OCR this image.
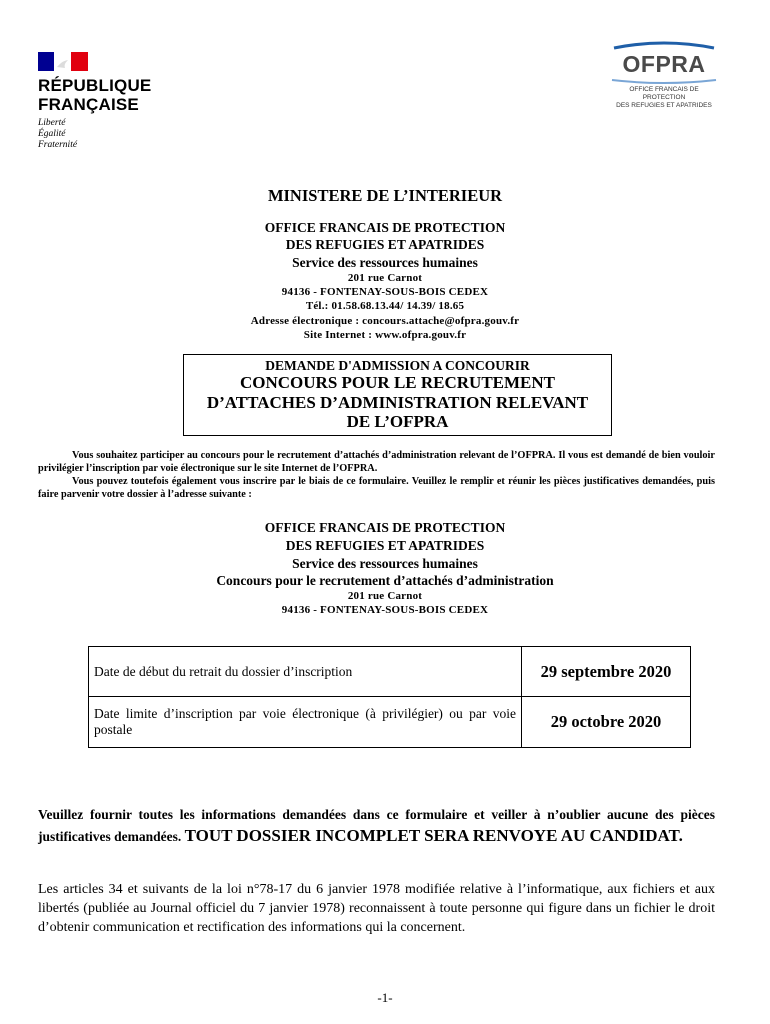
RÉPUBLIQUE
FRANÇAISE
Liberté
Égalité
Fraternité
OFPRA
OFFICE FRANCAIS DE PROTECTION
DES REFUGIES ET APATRIDES
MINISTERE DE L’INTERIEUR
OFFICE FRANCAIS DE PROTECTION
DES REFUGIES ET APATRIDES
Service des ressources humaines
201 rue Carnot
94136 - FONTENAY-SOUS-BOIS CEDEX
Tél.: 01.58.68.13.44/ 14.39/ 18.65
Adresse électronique : concours.attache@ofpra.gouv.fr
Site Internet : www.ofpra.gouv.fr
DEMANDE D'ADMISSION A CONCOURIR
CONCOURS POUR LE RECRUTEMENT
D’ATTACHES D’ADMINISTRATION RELEVANT
DE L’OFPRA

Vous souhaitez participer au concours pour le recrutement d’attachés d’administration relevant de l’OFPRA. Il vous est demandé de bien vouloir privilégier l’inscription par voie électronique sur le site Internet de l’OFPRA.

Vous pouvez toutefois également vous inscrire par le biais de ce formulaire. Veuillez le remplir et réunir les pièces justificatives demandées, puis faire parvenir votre dossier à l’adresse suivante :

OFFICE FRANCAIS DE PROTECTION
DES REFUGIES ET APATRIDES
Service des ressources humaines
Concours pour le recrutement d’attachés d’administration
201 rue Carnot
94136 - FONTENAY-SOUS-BOIS CEDEX
Date de début du retrait du dossier d’inscription	29 septembre 2020
Date limite d’inscription par voie électronique (à privilégier) ou par voie postale	29 octobre 2020
Veuillez fournir toutes les informations demandées dans ce formulaire et veiller à n’oublier aucune des pièces justificatives demandées. TOUT DOSSIER INCOMPLET SERA RENVOYE AU CANDIDAT.
Les articles 34 et suivants de la loi n°78-17 du 6 janvier 1978 modifiée relative à l’informatique, aux fichiers et aux libertés (publiée au Journal officiel du 7 janvier 1978) reconnaissent à toute personne qui figure dans un fichier le droit d’obtenir communication et rectification des informations qui la concernent.
-1-
